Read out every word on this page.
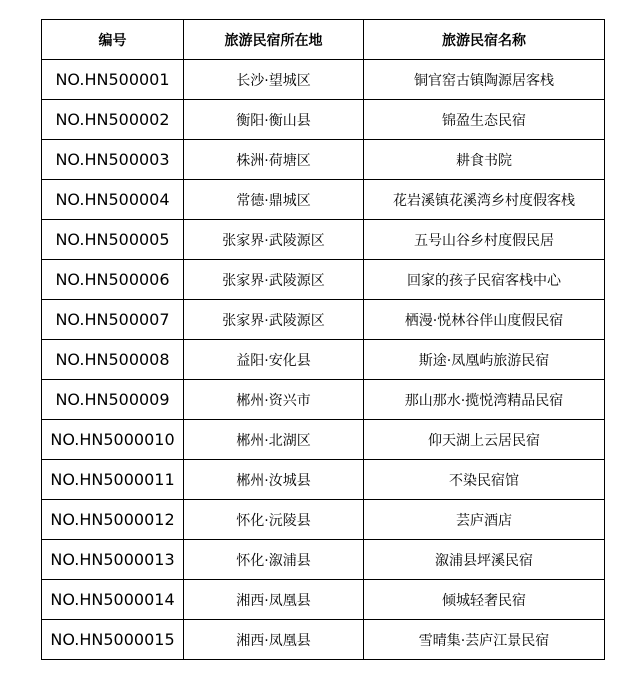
编号	旅游民宿所在地	旅游民宿名称
NO.HN500001	长沙·望城区	铜官窑古镇陶源居客栈
NO.HN500002	衡阳·衡山县	锦盈生态民宿
NO.HN500003	株洲·荷塘区	耕食书院
NO.HN500004	常德·鼎城区	花岩溪镇花溪湾乡村度假客栈
NO.HN500005	张家界·武陵源区	五号山谷乡村度假民居
NO.HN500006	张家界·武陵源区	回家的孩子民宿客栈中心
NO.HN500007	张家界·武陵源区	栖漫·悦林谷伴山度假民宿
NO.HN500008	益阳·安化县	斯途·凤凰屿旅游民宿
NO.HN500009	郴州·资兴市	那山那水·揽悦湾精品民宿
NO.HN5000010	郴州·北湖区	仰天湖上云居民宿
NO.HN5000011	郴州·汝城县	不染民宿馆
NO.HN5000012	怀化·沅陵县	芸庐酒店
NO.HN5000013	怀化·溆浦县	溆浦县坪溪民宿
NO.HN5000014	湘西·凤凰县	倾城轻奢民宿
NO.HN5000015	湘西·凤凰县	雪晴集·芸庐江景民宿
